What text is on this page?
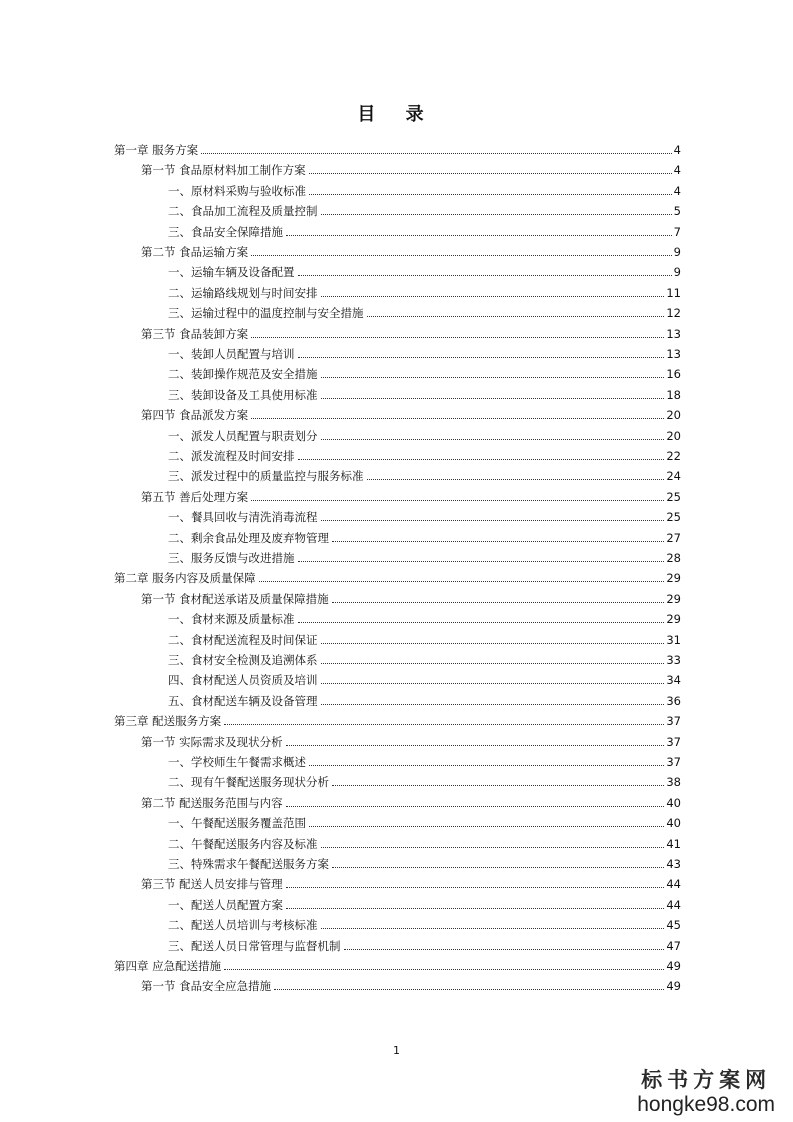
目 录
第一章 服务方案	4
第一节 食品原材料加工制作方案	4
一、原材料采购与验收标准	4
二、食品加工流程及质量控制	5
三、食品安全保障措施	7
第二节 食品运输方案	9
一、运输车辆及设备配置	9
二、运输路线规划与时间安排	11
三、运输过程中的温度控制与安全措施	12
第三节 食品装卸方案	13
一、装卸人员配置与培训	13
二、装卸操作规范及安全措施	16
三、装卸设备及工具使用标准	18
第四节 食品派发方案	20
一、派发人员配置与职责划分	20
二、派发流程及时间安排	22
三、派发过程中的质量监控与服务标准	24
第五节 善后处理方案	25
一、餐具回收与清洗消毒流程	25
二、剩余食品处理及废弃物管理	27
三、服务反馈与改进措施	28
第二章 服务内容及质量保障	29
第一节 食材配送承诺及质量保障措施	29
一、食材来源及质量标准	29
二、食材配送流程及时间保证	31
三、食材安全检测及追溯体系	33
四、食材配送人员资质及培训	34
五、食材配送车辆及设备管理	36
第三章 配送服务方案	37
第一节 实际需求及现状分析	37
一、学校师生午餐需求概述	37
二、现有午餐配送服务现状分析	38
第二节 配送服务范围与内容	40
一、午餐配送服务覆盖范围	40
二、午餐配送服务内容及标准	41
三、特殊需求午餐配送服务方案	43
第三节 配送人员安排与管理	44
一、配送人员配置方案	44
二、配送人员培训与考核标准	45
三、配送人员日常管理与监督机制	47
第四章 应急配送措施	49
第一节 食品安全应急措施	49
1
标书方案网
hongke98.com
